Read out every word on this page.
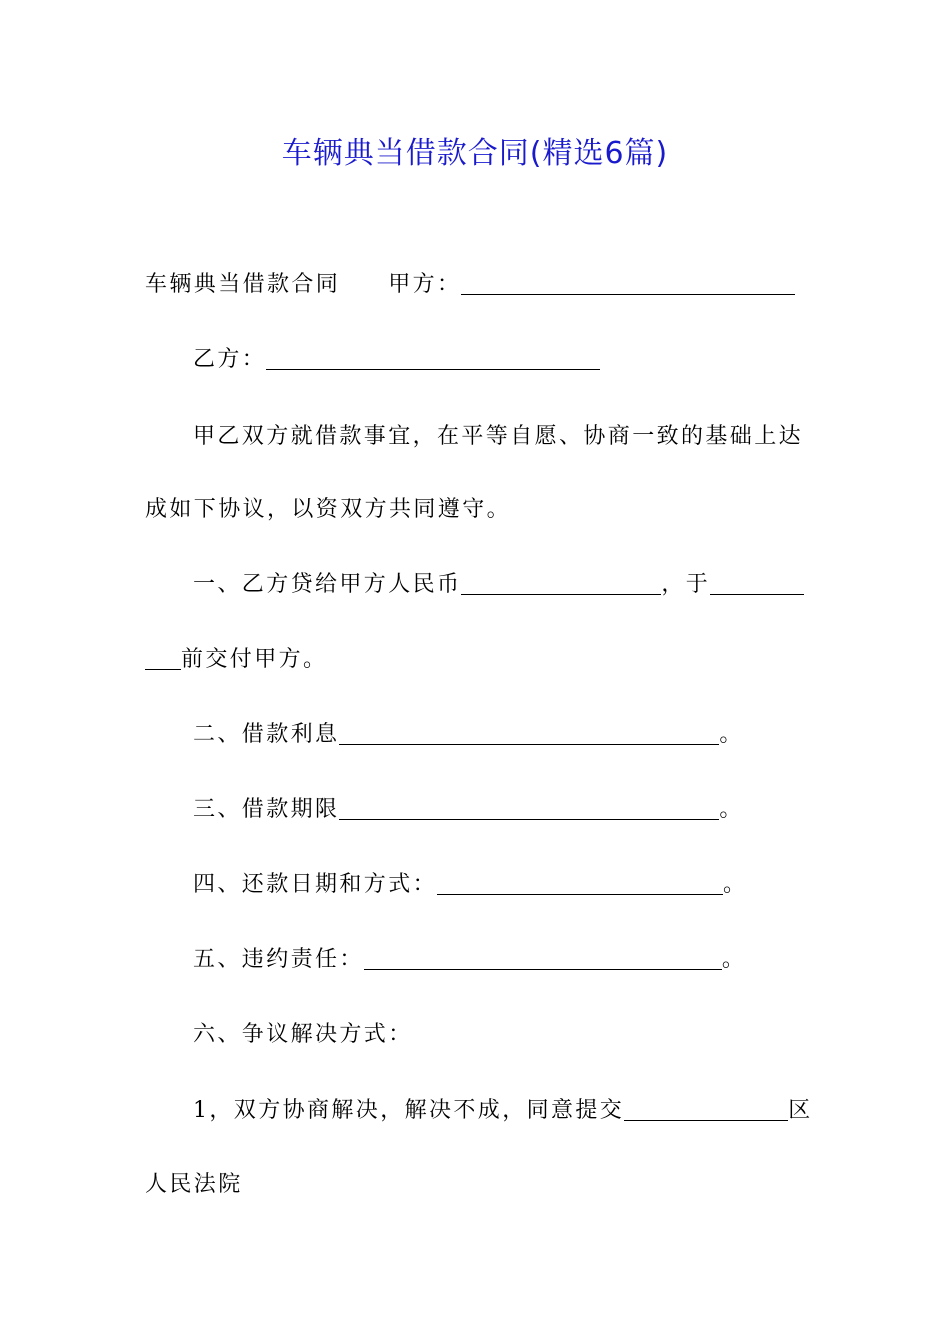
车辆典当借款合同(精选6篇)
车辆典当借款合同 甲方：
乙方：
甲乙双方就借款事宜，在平等自愿、协商一致的基础上达
成如下协议，以资双方共同遵守。
一、乙方贷给甲方人民币	，于
前交付甲方。
二、借款利息	。
三、借款期限	。
四、还款日期和方式：	。
五、违约责任：	。
六、争议解决方式：
1，双方协商解决，解决不成，同意提交	区
人民法院
